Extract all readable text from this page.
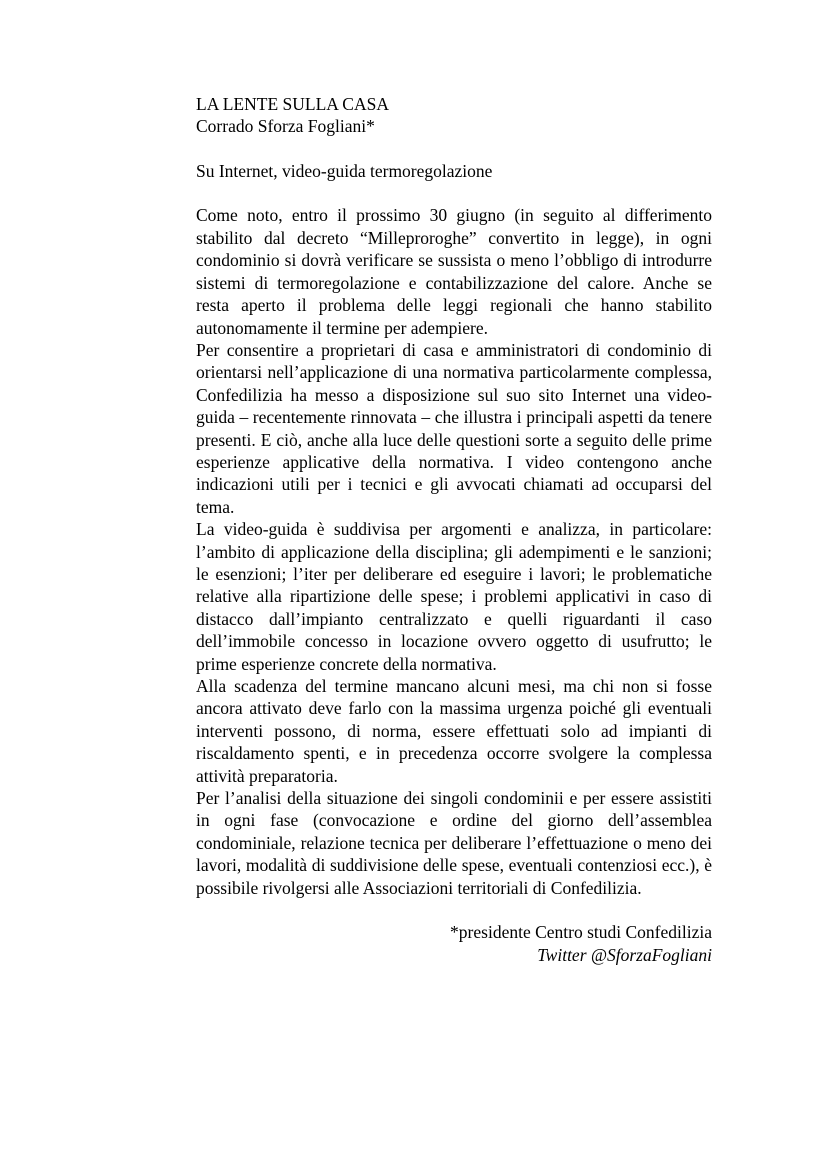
LA LENTE SULLA CASA
Corrado Sforza Fogliani*
Su Internet, video-guida termoregolazione

Come noto, entro il prossimo 30 giugno (in seguito al differimento stabilito dal decreto “Milleproroghe” convertito in legge), in ogni condominio si dovrà verificare se sussista o meno l’obbligo di introdurre sistemi di termoregolazione e contabilizzazione del calore. Anche se resta aperto il problema delle leggi regionali che hanno stabilito autonomamente il termine per adempiere.

Per consentire a proprietari di casa e amministratori di condominio di orientarsi nell’applicazione di una normativa particolarmente complessa, Confedilizia ha messo a disposizione sul suo sito Internet una video-guida – recentemente rinnovata – che illustra i principali aspetti da tenere presenti. E ciò, anche alla luce delle questioni sorte a seguito delle prime esperienze applicative della normativa. I video contengono anche indicazioni utili per i tecnici e gli avvocati chiamati ad occuparsi del tema.

La video-guida è suddivisa per argomenti e analizza, in particolare: l’ambito di applicazione della disciplina; gli adempimenti e le sanzioni; le esenzioni; l’iter per deliberare ed eseguire i lavori; le problematiche relative alla ripartizione delle spese; i problemi applicativi in caso di distacco dall’impianto centralizzato e quelli riguardanti il caso dell’immobile concesso in locazione ovvero oggetto di usufrutto; le prime esperienze concrete della normativa.

Alla scadenza del termine mancano alcuni mesi, ma chi non si fosse ancora attivato deve farlo con la massima urgenza poiché gli eventuali interventi possono, di norma, essere effettuati solo ad impianti di riscaldamento spenti, e in precedenza occorre svolgere la complessa attività preparatoria.

Per l’analisi della situazione dei singoli condominii e per essere assistiti in ogni fase (convocazione e ordine del giorno dell’assemblea condominiale, relazione tecnica per deliberare l’effettuazione o meno dei lavori, modalità di suddivisione delle spese, eventuali contenziosi ecc.), è possibile rivolgersi alle Associazioni territoriali di Confedilizia.

*presidente Centro studi Confedilizia
Twitter @SforzaFogliani
